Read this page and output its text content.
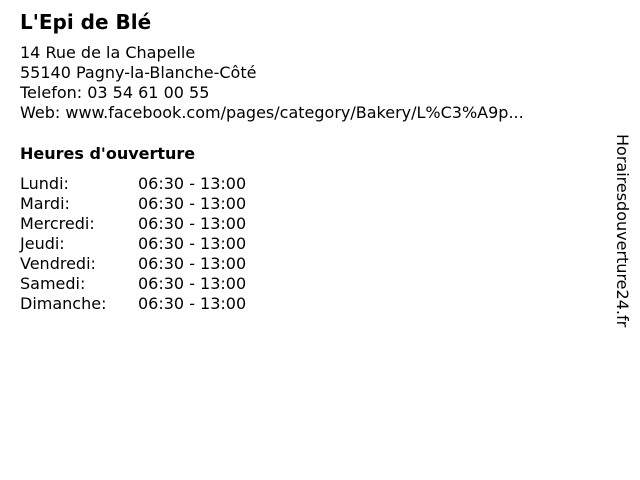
L'Epi de Blé
14 Rue de la Chapelle
55140 Pagny-la-Blanche-Côté
Telefon: 03 54 61 00 55
Web: www.facebook.com/pages/category/Bakery/L%C3%A9p...
Heures d'ouverture
Lundi:	06:30 - 13:00
Mardi:	06:30 - 13:00
Mercredi:	06:30 - 13:00
Jeudi:	06:30 - 13:00
Vendredi:	06:30 - 13:00
Samedi:	06:30 - 13:00
Dimanche:	06:30 - 13:00	Horairesdouverture24.fr
